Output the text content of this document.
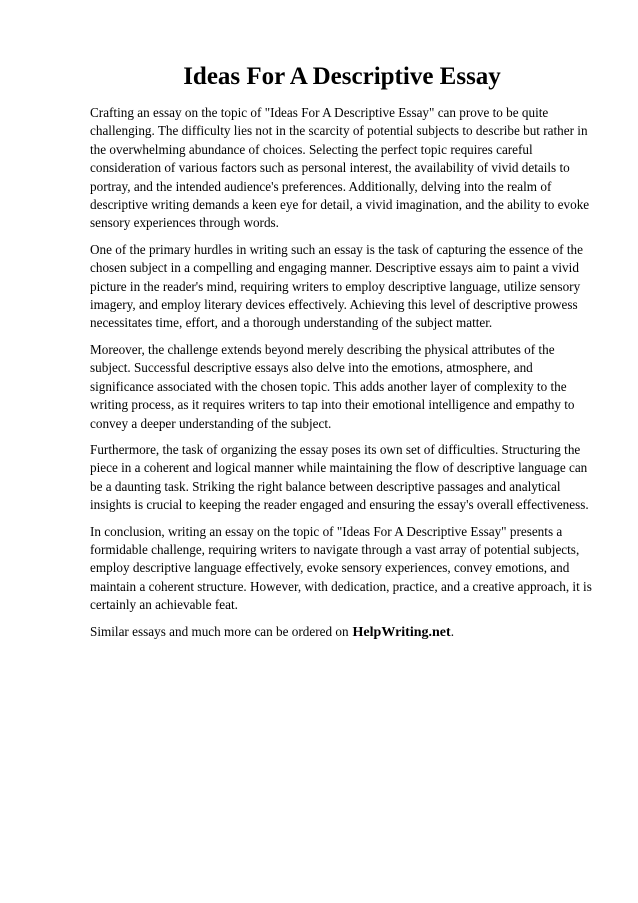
Ideas For A Descriptive Essay

Crafting an essay on the topic of "Ideas For A Descriptive Essay" can prove to be quite challenging. The difficulty lies not in the scarcity of potential subjects to describe but rather in the overwhelming abundance of choices. Selecting the perfect topic requires careful consideration of various factors such as personal interest, the availability of vivid details to portray, and the intended audience's preferences. Additionally, delving into the realm of descriptive writing demands a keen eye for detail, a vivid imagination, and the ability to evoke sensory experiences through words.

One of the primary hurdles in writing such an essay is the task of capturing the essence of the chosen subject in a compelling and engaging manner. Descriptive essays aim to paint a vivid picture in the reader's mind, requiring writers to employ descriptive language, utilize sensory imagery, and employ literary devices effectively. Achieving this level of descriptive prowess necessitates time, effort, and a thorough understanding of the subject matter.

Moreover, the challenge extends beyond merely describing the physical attributes of the subject. Successful descriptive essays also delve into the emotions, atmosphere, and significance associated with the chosen topic. This adds another layer of complexity to the writing process, as it requires writers to tap into their emotional intelligence and empathy to convey a deeper understanding of the subject.

Furthermore, the task of organizing the essay poses its own set of difficulties. Structuring the piece in a coherent and logical manner while maintaining the flow of descriptive language can be a daunting task. Striking the right balance between descriptive passages and analytical insights is crucial to keeping the reader engaged and ensuring the essay's overall effectiveness.

In conclusion, writing an essay on the topic of "Ideas For A Descriptive Essay" presents a formidable challenge, requiring writers to navigate through a vast array of potential subjects, employ descriptive language effectively, evoke sensory experiences, convey emotions, and maintain a coherent structure. However, with dedication, practice, and a creative approach, it is certainly an achievable feat.

Similar essays and much more can be ordered on HelpWriting.net.
